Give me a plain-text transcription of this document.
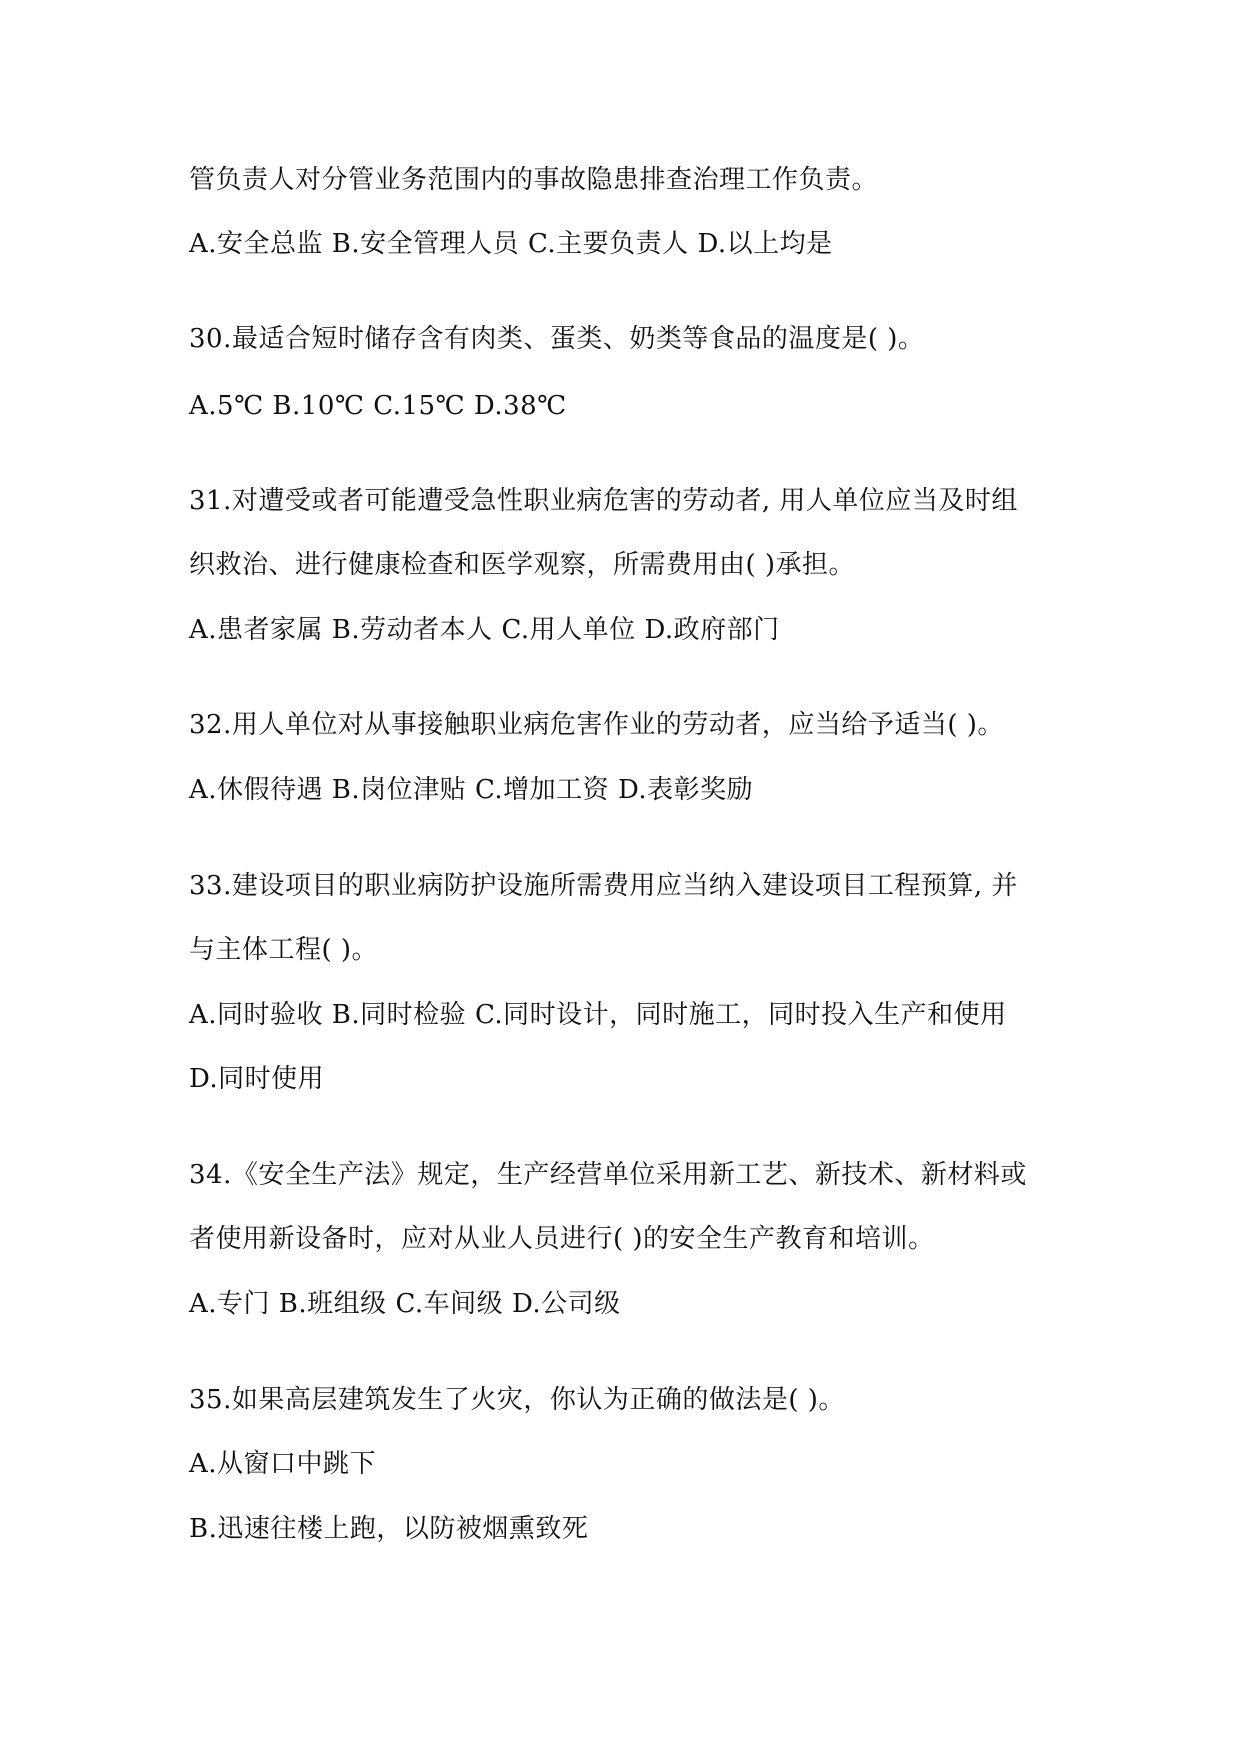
管负责人对分管业务范围内的事故隐患排查治理工作负责。
A.安全总监 B.安全管理人员 C.主要负责人 D.以上均是
30.最适合短时储存含有肉类、蛋类、奶类等食品的温度是( )。
A.5℃ B.10℃ C.15℃ D.38℃
31.对遭受或者可能遭受急性职业病危害的劳动者, 用人单位应当及时组
织救治、进行健康检查和医学观察，所需费用由( )承担。
A.患者家属 B.劳动者本人 C.用人单位 D.政府部门
32.用人单位对从事接触职业病危害作业的劳动者，应当给予适当( )。
A.休假待遇 B.岗位津贴 C.增加工资 D.表彰奖励
33.建设项目的职业病防护设施所需费用应当纳入建设项目工程预算, 并
与主体工程( )。
A.同时验收 B.同时检验 C.同时设计，同时施工，同时投入生产和使用
D.同时使用
34.《安全生产法》规定，生产经营单位采用新工艺、新技术、新材料或
者使用新设备时，应对从业人员进行( )的安全生产教育和培训。
A.专门 B.班组级 C.车间级 D.公司级
35.如果高层建筑发生了火灾，你认为正确的做法是( )。
A.从窗口中跳下
B.迅速往楼上跑，以防被烟熏致死
